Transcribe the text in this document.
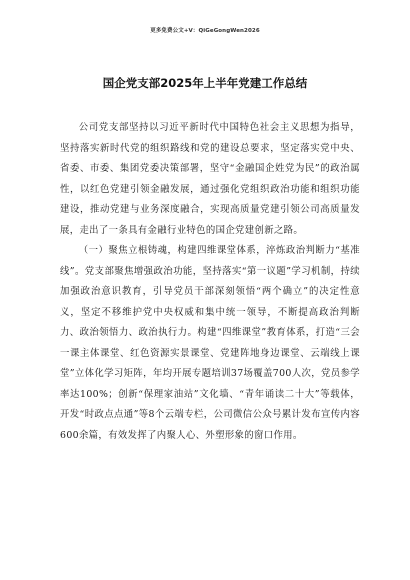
更多免费公文+V：QiGeGongWen2026
国企党支部2025年上半年党建工作总结

公司党支部坚持以习近平新时代中国特色社会主义思想为指导，坚持落实新时代党的组织路线和党的建设总要求，坚定落实党中央、省委、市委、集团党委决策部署，坚守“金融国企姓党为民”的政治属性，以红色党建引领金融发展，通过强化党组织政治功能和组织功能建设，推动党建与业务深度融合，实现高质量党建引领公司高质量发展，走出了一条具有金融行业特色的国企党建创新之路。

（一）聚焦立根铸魂，构建四维课堂体系，淬炼政治判断力“基准线”。党支部聚焦增强政治功能，坚持落实“第一议题”学习机制，持续加强政治意识教育，引导党员干部深刻领悟“两个确立”的决定性意义，坚定不移维护党中央权威和集中统一领导，不断提高政治判断力、政治领悟力、政治执行力。构建“四维课堂”教育体系，打造“三会一课主体课堂、红色资源实景课堂、党建阵地身边课堂、云端线上课堂”立体化学习矩阵，年均开展专题培训37场覆盖700人次，党员参学率达100%；创新“保理家油站”文化墙、“青年诵读二十大”等载体，开发“时政点点通”等8个云端专栏，公司微信公众号累计发布宣传内容600余篇，有效发挥了内聚人心、外塑形象的窗口作用。
